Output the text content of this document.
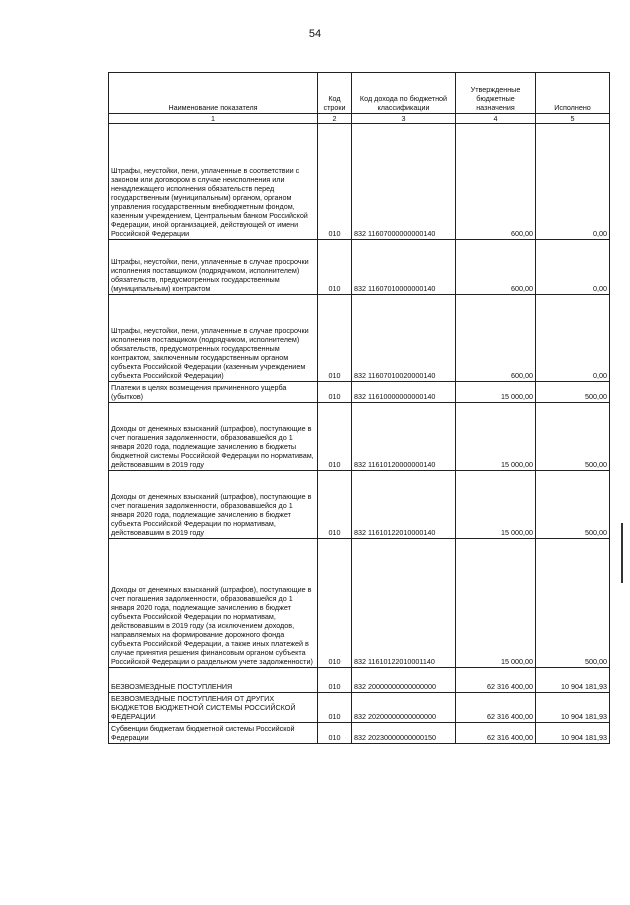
54
Наименование показателя	Код строки	Код дохода по бюджетной классификации	Утвержденные бюджетные назначения	Исполнено
1	2	3	4	5
Штрафы, неустойки, пени, уплаченные в соответствии с законом или договором в случае неисполнения или ненадлежащего исполнения обязательств перед государственным (муниципальным) органом, органом управления государственным внебюджетным фондом, казенным учреждением, Центральным банком Российской Федерации, иной организацией, действующей от имени Российской Федерации	010	832 11607000000000140	600,00	0,00
Штрафы, неустойки, пени, уплаченные в случае просрочки исполнения поставщиком (подрядчиком, исполнителем) обязательств, предусмотренных государственным (муниципальным) контрактом	010	832 11607010000000140	600,00	0,00
Штрафы, неустойки, пени, уплаченные в случае просрочки исполнения поставщиком (подрядчиком, исполнителем) обязательств, предусмотренных государственным контрактом, заключенным государственным органом субъекта Российской Федерации (казенным учреждением субъекта Российской Федерации)	010	832 11607010020000140	600,00	0,00
Платежи в целях возмещения причиненного ущерба (убытков)	010	832 11610000000000140	15 000,00	500,00
Доходы от денежных взысканий (штрафов), поступающие в счет погашения задолженности, образовавшейся до 1 января 2020 года, подлежащие зачислению в бюджеты бюджетной системы Российской Федерации по нормативам, действовавшим в 2019 году	010	832 11610120000000140	15 000,00	500,00
Доходы от денежных взысканий (штрафов), поступающие в счет погашения задолженности, образовавшейся до 1 января 2020 года, подлежащие зачислению в бюджет субъекта Российской Федерации по нормативам, действовавшим в 2019 году	010	832 11610122010000140	15 000,00	500,00
Доходы от денежных взысканий (штрафов), поступающие в счет погашения задолженности, образовавшейся до 1 января 2020 года, подлежащие зачислению в бюджет субъекта Российской Федерации по нормативам, действовавшим в 2019 году (за исключением доходов, направляемых на формирование дорожного фонда субъекта Российской Федерации, а также иных платежей в случае принятия решения финансовым органом субъекта Российской Федерации о раздельном учете задолженности)	010	832 11610122010001140	15 000,00	500,00
БЕЗВОЗМЕЗДНЫЕ ПОСТУПЛЕНИЯ	010	832 20000000000000000	62 316 400,00	10 904 181,93
БЕЗВОЗМЕЗДНЫЕ ПОСТУПЛЕНИЯ ОТ ДРУГИХ БЮДЖЕТОВ БЮДЖЕТНОЙ СИСТЕМЫ РОССИЙСКОЙ ФЕДЕРАЦИИ	010	832 20200000000000000	62 316 400,00	10 904 181,93
Субвенции бюджетам бюджетной системы Российской Федерации	010	832 20230000000000150	62 316 400,00	10 904 181,93
